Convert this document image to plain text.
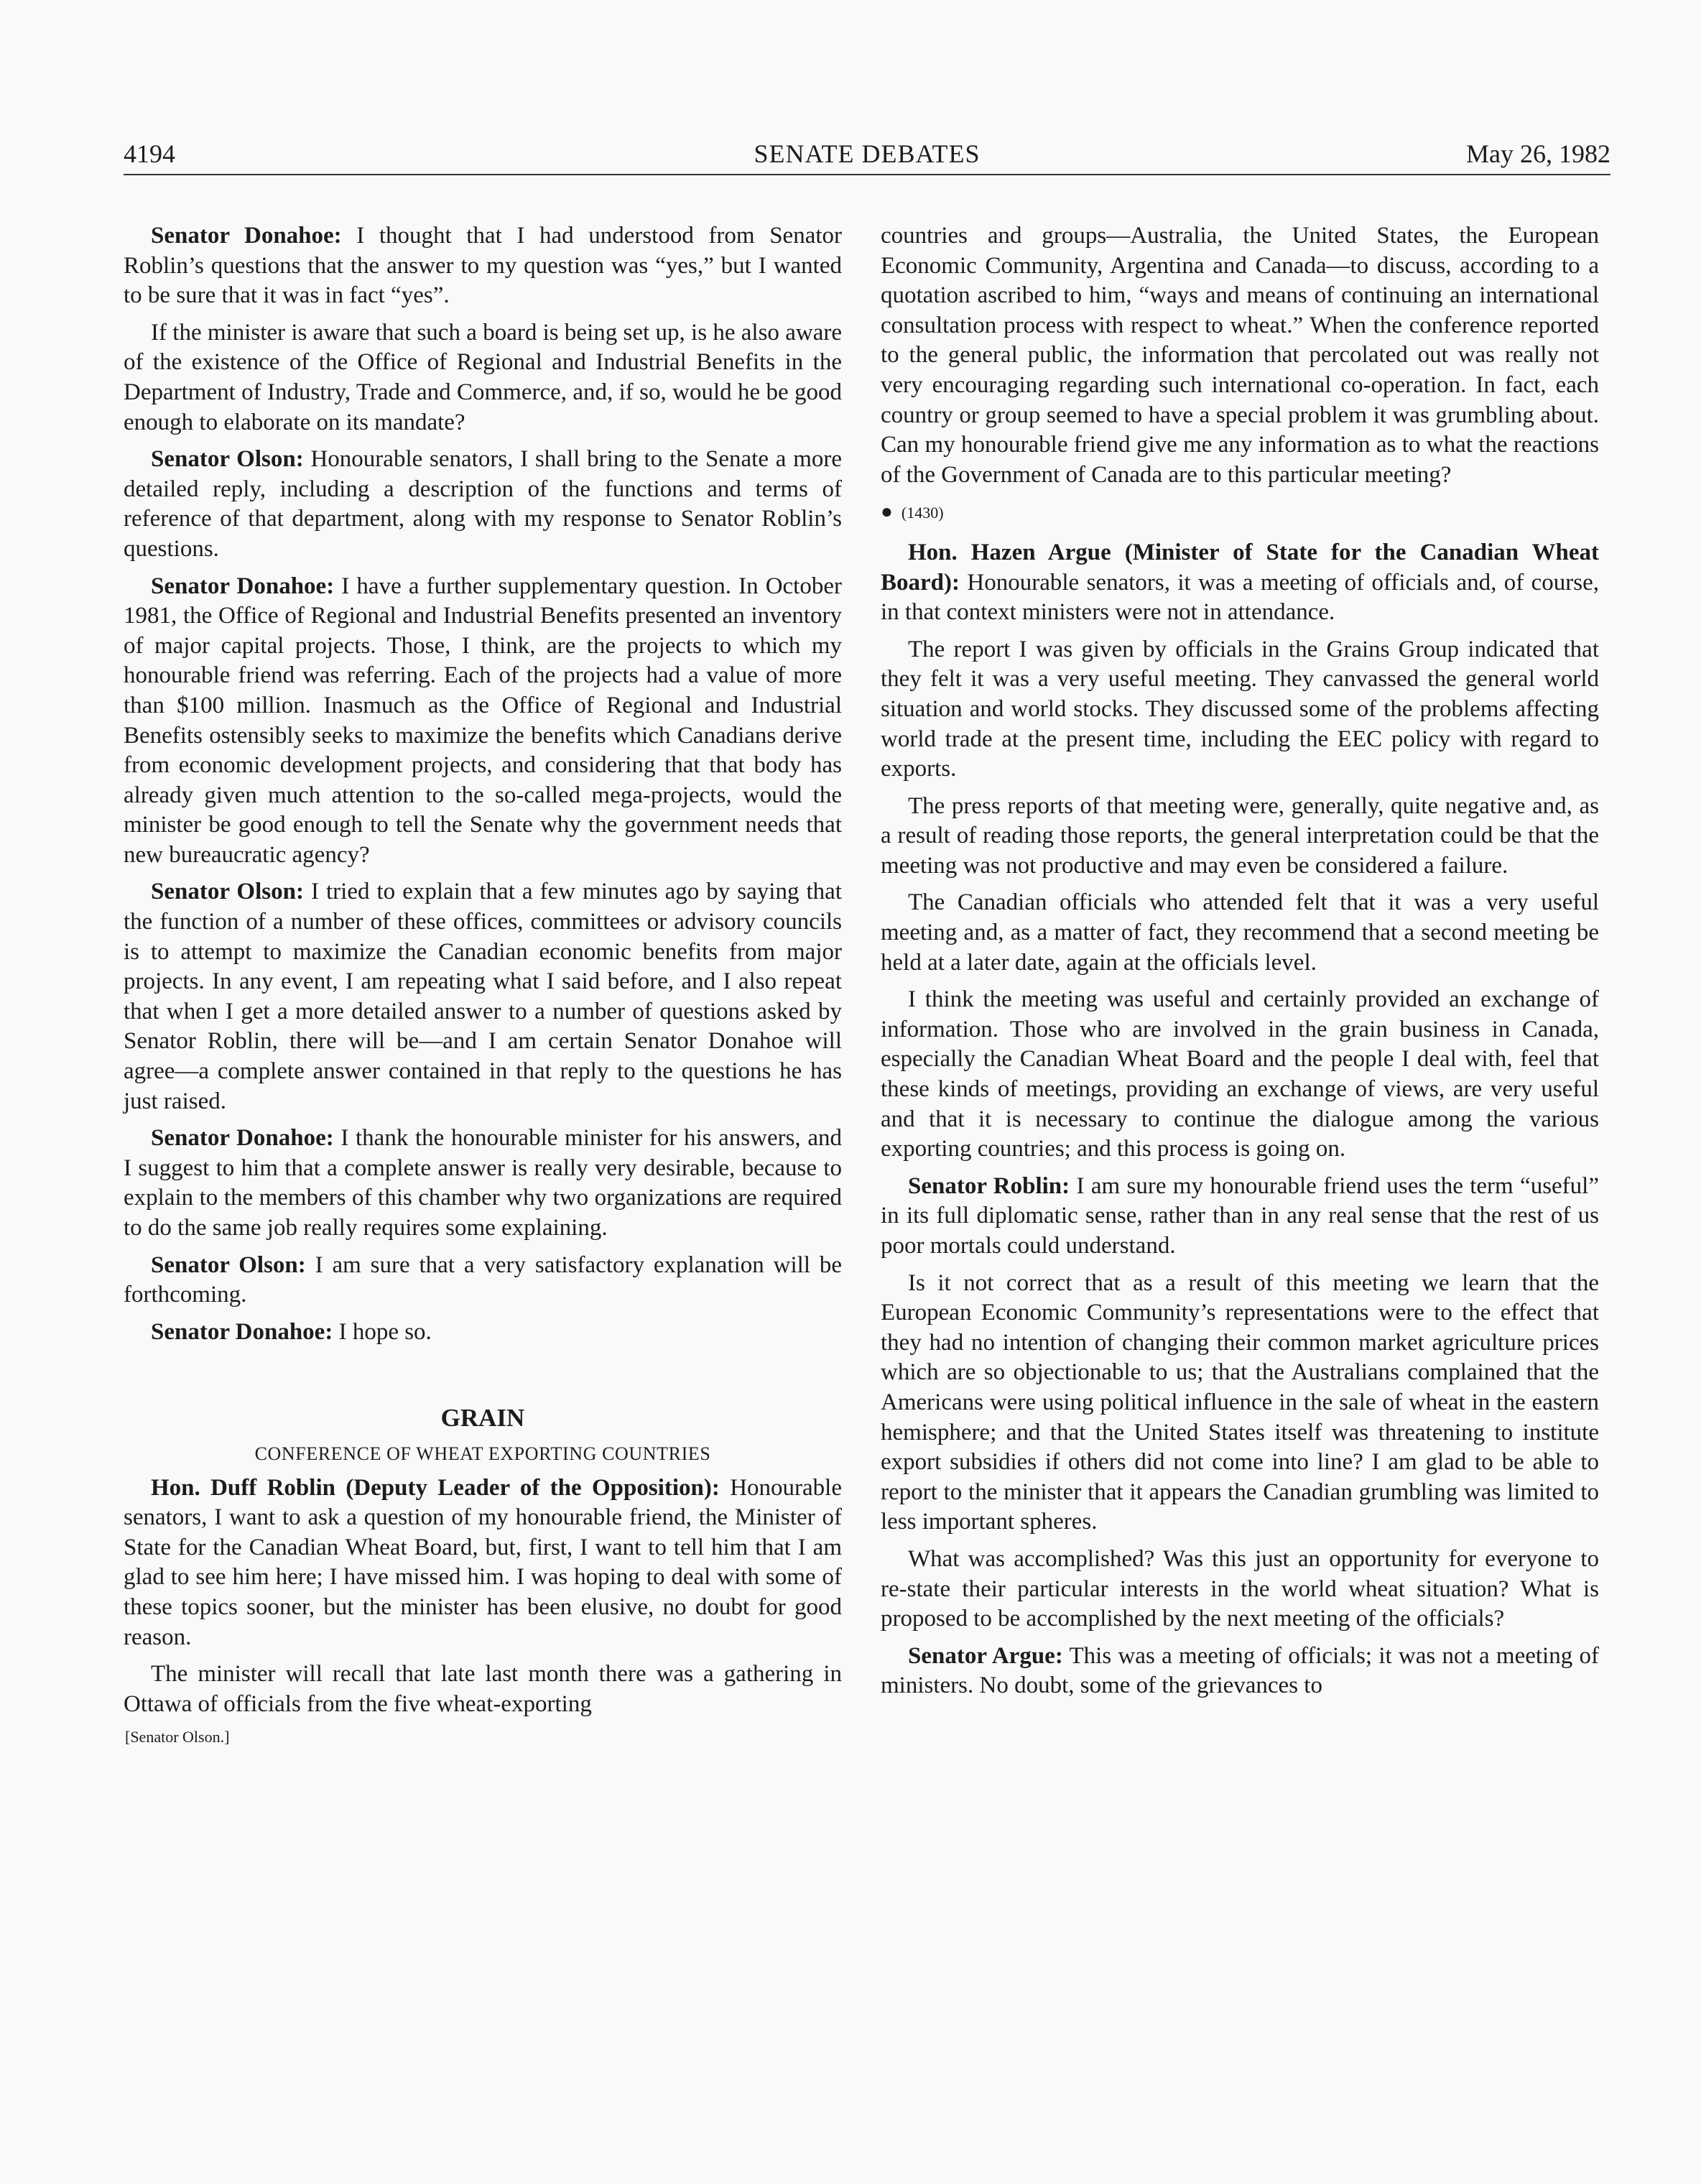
4194	SENATE DEBATES	May 26, 1982

Senator Donahoe: I thought that I had understood from Senator Roblin’s questions that the answer to my question was “yes,” but I wanted to be sure that it was in fact “yes”.

If the minister is aware that such a board is being set up, is he also aware of the existence of the Office of Regional and Industrial Benefits in the Department of Industry, Trade and Commerce, and, if so, would he be good enough to elaborate on its mandate?

Senator Olson: Honourable senators, I shall bring to the Senate a more detailed reply, including a description of the functions and terms of reference of that department, along with my response to Senator Roblin’s questions.

Senator Donahoe: I have a further supplementary question. In October 1981, the Office of Regional and Industrial Benefits presented an inventory of major capital projects. Those, I think, are the projects to which my honourable friend was referring. Each of the projects had a value of more than $100 million. Inasmuch as the Office of Regional and Industrial Benefits ostensibly seeks to maximize the benefits which Canadians derive from economic development projects, and considering that that body has already given much attention to the so-called mega-projects, would the minister be good enough to tell the Senate why the government needs that new bureaucratic agency?

Senator Olson: I tried to explain that a few minutes ago by saying that the function of a number of these offices, committees or advisory councils is to attempt to maximize the Canadian economic benefits from major projects. In any event, I am repeating what I said before, and I also repeat that when I get a more detailed answer to a number of questions asked by Senator Roblin, there will be—and I am certain Senator Donahoe will agree—a complete answer contained in that reply to the questions he has just raised.

Senator Donahoe: I thank the honourable minister for his answers, and I suggest to him that a complete answer is really very desirable, because to explain to the members of this chamber why two organizations are required to do the same job really requires some explaining.

Senator Olson: I am sure that a very satisfactory explanation will be forthcoming.

Senator Donahoe: I hope so.

GRAIN
CONFERENCE OF WHEAT EXPORTING COUNTRIES

Hon. Duff Roblin (Deputy Leader of the Opposition): Honourable senators, I want to ask a question of my honourable friend, the Minister of State for the Canadian Wheat Board, but, first, I want to tell him that I am glad to see him here; I have missed him. I was hoping to deal with some of these topics sooner, but the minister has been elusive, no doubt for good reason.

The minister will recall that late last month there was a gathering in Ottawa of officials from the five wheat-exporting

[Senator Olson.]

countries and groups—Australia, the United States, the European Economic Community, Argentina and Canada—to discuss, according to a quotation ascribed to him, “ways and means of continuing an international consultation process with respect to wheat.” When the conference reported to the general public, the information that percolated out was really not very encouraging regarding such international co-operation. In fact, each country or group seemed to have a special problem it was grumbling about. Can my honourable friend give me any information as to what the reactions of the Government of Canada are to this particular meeting?

● (1430)

Hon. Hazen Argue (Minister of State for the Canadian Wheat Board): Honourable senators, it was a meeting of officials and, of course, in that context ministers were not in attendance.

The report I was given by officials in the Grains Group indicated that they felt it was a very useful meeting. They canvassed the general world situation and world stocks. They discussed some of the problems affecting world trade at the present time, including the EEC policy with regard to exports.

The press reports of that meeting were, generally, quite negative and, as a result of reading those reports, the general interpretation could be that the meeting was not productive and may even be considered a failure.

The Canadian officials who attended felt that it was a very useful meeting and, as a matter of fact, they recommend that a second meeting be held at a later date, again at the officials level.

I think the meeting was useful and certainly provided an exchange of information. Those who are involved in the grain business in Canada, especially the Canadian Wheat Board and the people I deal with, feel that these kinds of meetings, providing an exchange of views, are very useful and that it is necessary to continue the dialogue among the various exporting countries; and this process is going on.

Senator Roblin: I am sure my honourable friend uses the term “useful” in its full diplomatic sense, rather than in any real sense that the rest of us poor mortals could understand.

Is it not correct that as a result of this meeting we learn that the European Economic Community’s representations were to the effect that they had no intention of changing their common market agriculture prices which are so objectionable to us; that the Australians complained that the Americans were using political influence in the sale of wheat in the eastern hemisphere; and that the United States itself was threatening to institute export subsidies if others did not come into line? I am glad to be able to report to the minister that it appears the Canadian grumbling was limited to less important spheres.

What was accomplished? Was this just an opportunity for everyone to re-state their particular interests in the world wheat situation? What is proposed to be accomplished by the next meeting of the officials?

Senator Argue: This was a meeting of officials; it was not a meeting of ministers. No doubt, some of the grievances to
